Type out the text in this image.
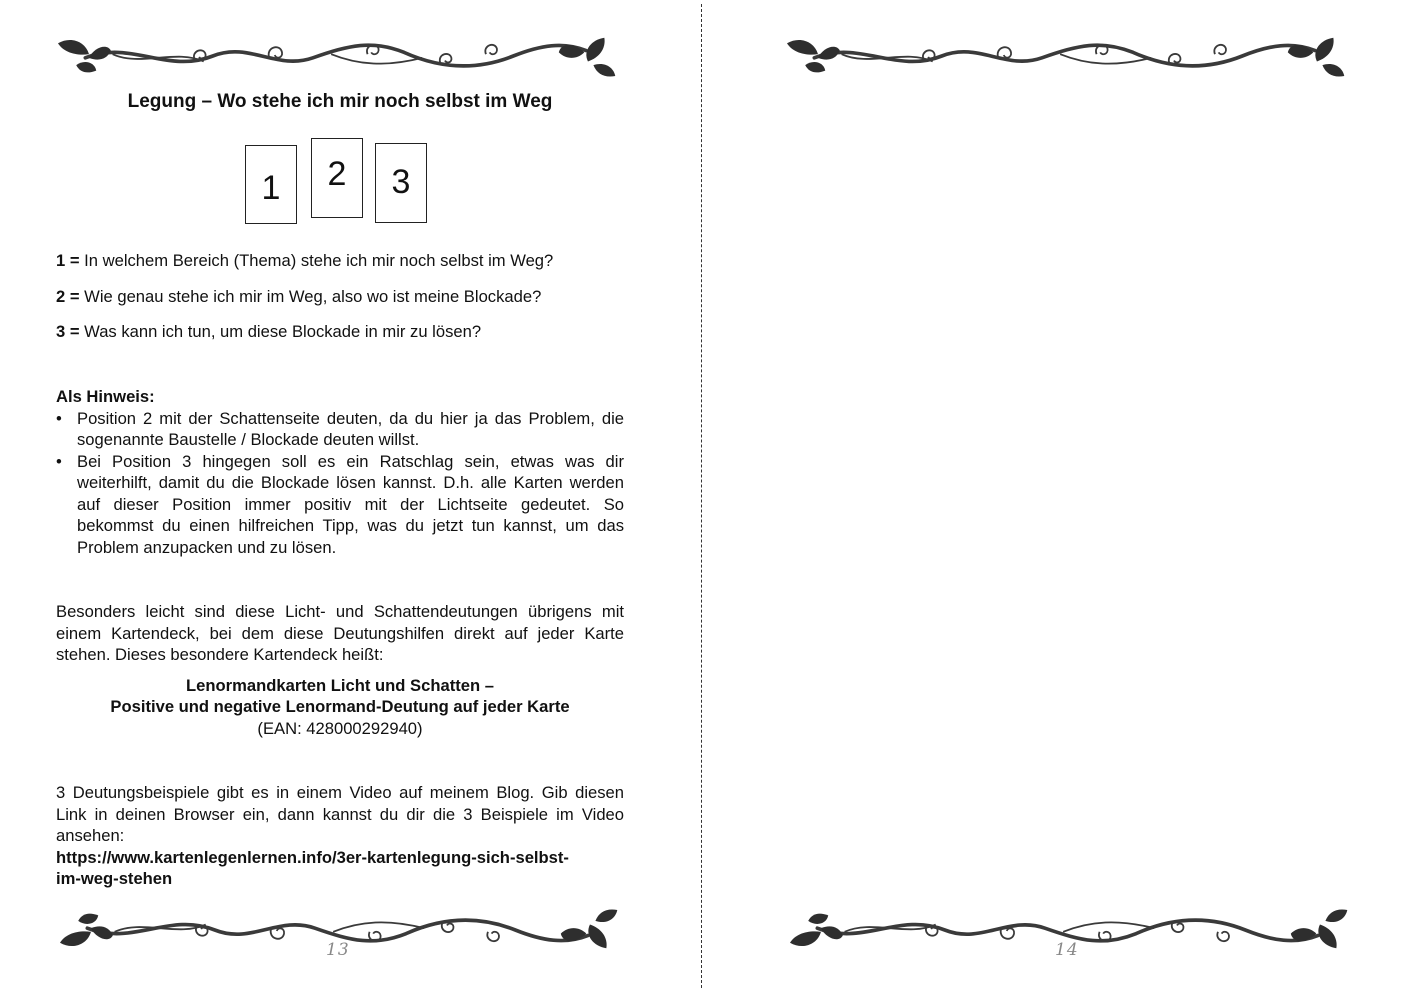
Legung – Wo stehe ich mir noch selbst im Weg
1 2 3

1 = In welchem Bereich (Thema) stehe ich mir noch selbst im Weg?

2 = Wie genau stehe ich mir im Weg, also wo ist meine Blockade?

3 = Was kann ich tun, um diese Blockade in mir zu lösen?

Als Hinweis:

• Position 2 mit der Schattenseite deuten, da du hier ja das Problem, die sogenannte Baustelle / Blockade deuten willst.
• Bei Position 3 hingegen soll es ein Ratschlag sein, etwas was dir weiterhilft, damit du die Blockade lösen kannst. D.h. alle Karten werden auf dieser Position immer positiv mit der Lichtseite gedeutet. So bekommst du einen hilfreichen Tipp, was du jetzt tun kannst, um das Problem anzupacken und zu lösen.

Besonders leicht sind diese Licht- und Schattendeutungen übrigens mit einem Kartendeck, bei dem diese Deutungshilfen direkt auf jeder Karte stehen. Dieses besondere Kartendeck heißt:

Lenormandkarten Licht und Schatten –

Positive und negative Lenormand-Deutung auf jeder Karte

(EAN: 428000292940)

3 Deutungsbeispiele gibt es in einem Video auf meinem Blog. Gib diesen Link in deinen Browser ein, dann kannst du dir die 3 Beispiele im Video ansehen:

https://www.kartenlegenlernen.info/3er-kartenlegung-sich-selbst-
im-weg-stehen

13	14
